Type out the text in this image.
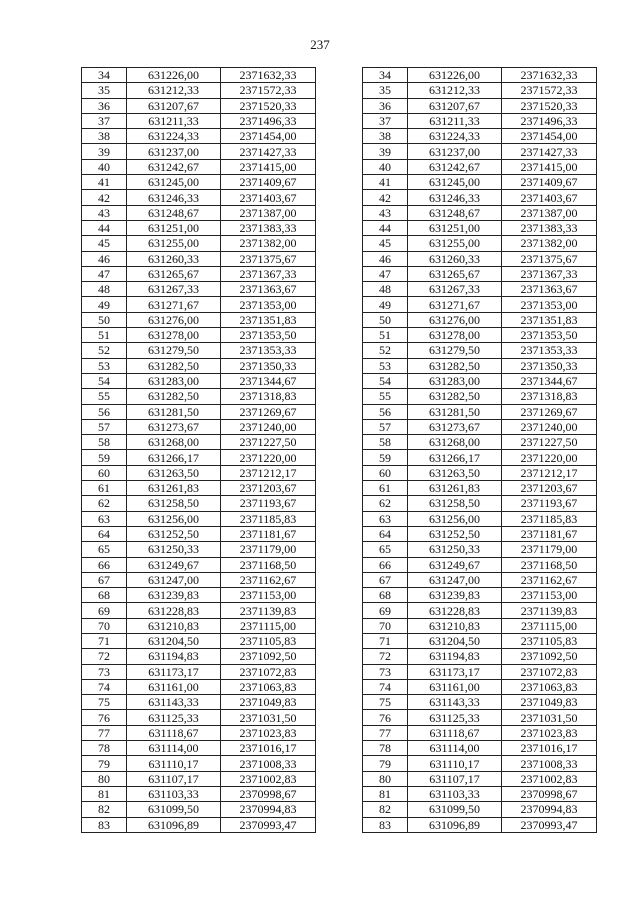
237
34	631226,00	2371632,33		34	631226,00	2371632,33
35	631212,33	2371572,33		35	631212,33	2371572,33
36	631207,67	2371520,33		36	631207,67	2371520,33
37	631211,33	2371496,33		37	631211,33	2371496,33
38	631224,33	2371454,00		38	631224,33	2371454,00
39	631237,00	2371427,33		39	631237,00	2371427,33
40	631242,67	2371415,00		40	631242,67	2371415,00
41	631245,00	2371409,67		41	631245,00	2371409,67
42	631246,33	2371403,67		42	631246,33	2371403,67
43	631248,67	2371387,00		43	631248,67	2371387,00
44	631251,00	2371383,33		44	631251,00	2371383,33
45	631255,00	2371382,00		45	631255,00	2371382,00
46	631260,33	2371375,67		46	631260,33	2371375,67
47	631265,67	2371367,33		47	631265,67	2371367,33
48	631267,33	2371363,67		48	631267,33	2371363,67
49	631271,67	2371353,00		49	631271,67	2371353,00
50	631276,00	2371351,83		50	631276,00	2371351,83
51	631278,00	2371353,50		51	631278,00	2371353,50
52	631279,50	2371353,33		52	631279,50	2371353,33
53	631282,50	2371350,33		53	631282,50	2371350,33
54	631283,00	2371344,67		54	631283,00	2371344,67
55	631282,50	2371318,83		55	631282,50	2371318,83
56	631281,50	2371269,67		56	631281,50	2371269,67
57	631273,67	2371240,00		57	631273,67	2371240,00
58	631268,00	2371227,50		58	631268,00	2371227,50
59	631266,17	2371220,00		59	631266,17	2371220,00
60	631263,50	2371212,17		60	631263,50	2371212,17
61	631261,83	2371203,67		61	631261,83	2371203,67
62	631258,50	2371193,67		62	631258,50	2371193,67
63	631256,00	2371185,83		63	631256,00	2371185,83
64	631252,50	2371181,67		64	631252,50	2371181,67
65	631250,33	2371179,00		65	631250,33	2371179,00
66	631249,67	2371168,50		66	631249,67	2371168,50
67	631247,00	2371162,67		67	631247,00	2371162,67
68	631239,83	2371153,00		68	631239,83	2371153,00
69	631228,83	2371139,83		69	631228,83	2371139,83
70	631210,83	2371115,00		70	631210,83	2371115,00
71	631204,50	2371105,83		71	631204,50	2371105,83
72	631194,83	2371092,50		72	631194,83	2371092,50
73	631173,17	2371072,83		73	631173,17	2371072,83
74	631161,00	2371063,83		74	631161,00	2371063,83
75	631143,33	2371049,83		75	631143,33	2371049,83
76	631125,33	2371031,50		76	631125,33	2371031,50
77	631118,67	2371023,83		77	631118,67	2371023,83
78	631114,00	2371016,17		78	631114,00	2371016,17
79	631110,17	2371008,33		79	631110,17	2371008,33
80	631107,17	2371002,83		80	631107,17	2371002,83
81	631103,33	2370998,67		81	631103,33	2370998,67
82	631099,50	2370994,83		82	631099,50	2370994,83
83	631096,89	2370993,47		83	631096,89	2370993,47
